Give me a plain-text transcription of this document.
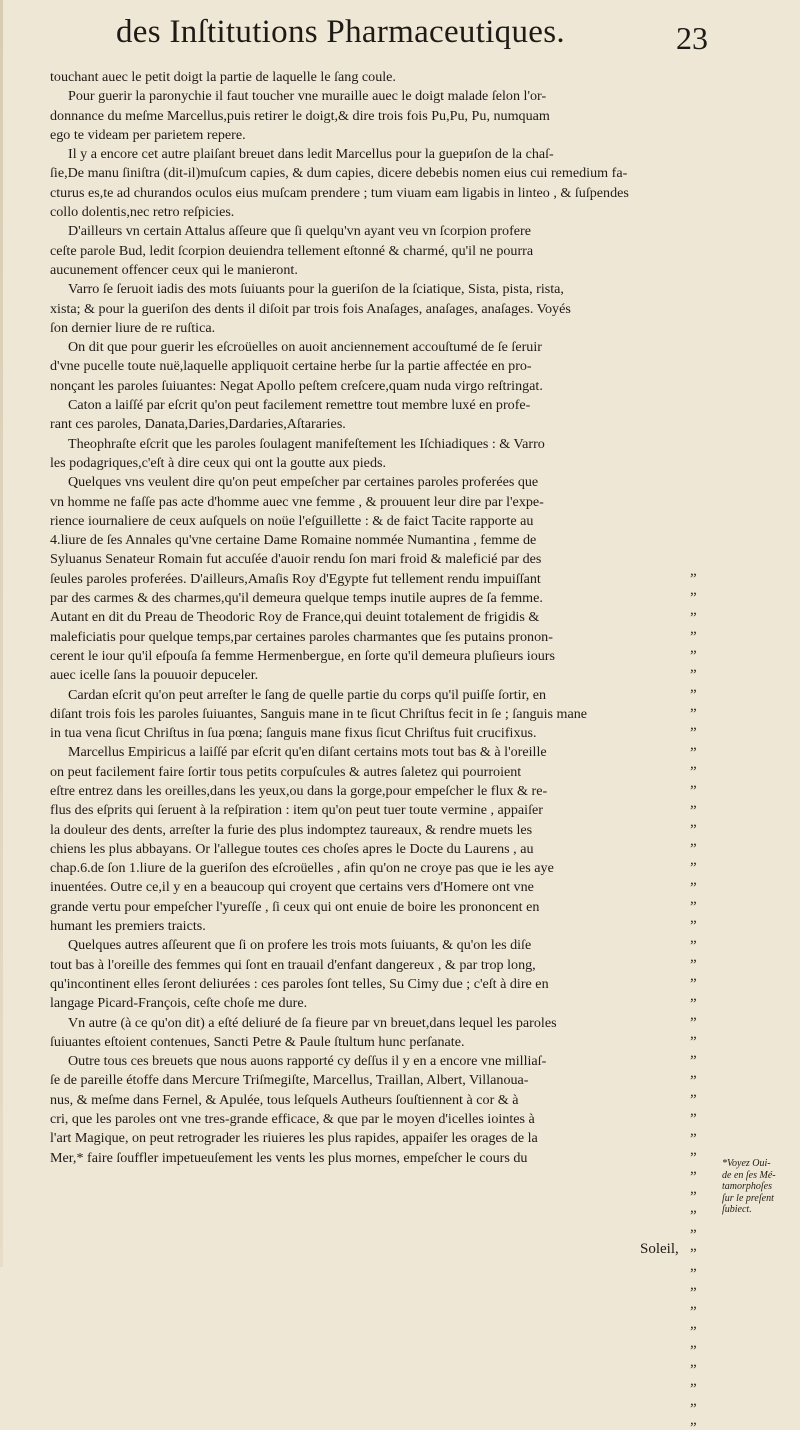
des Inſtitutions Pharmaceutiques.	23
touchant auec le petit doigt la partie de laquelle le ſang coule.
Pour guerir la paronychie il faut toucher vne muraille auec le doigt malade ſelon l'or-
donnance du meſme Marcellus,puis retirer le doigt,& dire trois fois Pu,Pu, Pu, numquam
ego te videam per parietem repere.
Il y a encore cet autre plaiſant breuet dans ledit Marcellus pour la guериſon de la chaſ-
ſie,De manu ſiniſtra (dit-il)muſcum capies, & dum capies, dicere debebis nomen eius cui remedium fa-
cturus es,te ad churandos oculos eius muſcam prendere ; tum viuam eam ligabis in linteo , & ſuſpendes
collo dolentis,nec retro reſpicies.
D'ailleurs vn certain Attalus aſſeure que ſi quelqu'vn ayant veu vn ſcorpion profere
ceſte parole Bud, ledit ſcorpion deuiendra tellement eſtonné & charmé, qu'il ne pourra
aucunement offencer ceux qui le manieront.
Varro ſe ſeruoit iadis des mots ſuiuants pour la gueriſon de la ſciatique, Sista, pista, rista,
xista; & pour la gueriſon des dents il diſoit par trois fois Anaſages, anaſages, anaſages. Voyés
ſon dernier liure de re ruſtica.
On dit que pour guerir les eſcroüelles on auoit anciennement accouſtumé de ſe ſeruir
d'vne pucelle toute nuë,laquelle appliquoit certaine herbe ſur la partie affectée en pro-
nonçant les paroles ſuiuantes: Negat Apollo peſtem creſcere,quam nuda virgo reſtringat.
Caton a laiſſé par eſcrit qu'on peut facilement remettre tout membre luxé en profe-
rant ces paroles, Danata,Daries,Dardaries,Aſtararies.
Theophraſte eſcrit que les paroles ſoulagent manifeſtement les Iſchiadiques : & Varro
les podagriques,c'eſt à dire ceux qui ont la goutte aux pieds.
Quelques vns veulent dire qu'on peut empeſcher par certaines paroles proferées que
vn homme ne faſſe pas acte d'homme auec vne femme , & prouuent leur dire par l'expe-
rience iournaliere de ceux auſquels on noüe l'eſguillette : & de faict Tacite rapporte au
4.liure de ſes Annales qu'vne certaine Dame Romaine nommée Numantina , femme de
Syluanus Senateur Romain fut accuſée d'auoir rendu ſon mari froid & maleficié par des
ſeules paroles proferées. D'ailleurs,Amaſis Roy d'Egypte fut tellement rendu impuiſſant
par des carmes & des charmes,qu'il demeura quelque temps inutile aupres de ſa femme.
Autant en dit du Preau de Theodoric Roy de France,qui deuint totalement de frigidis &
maleficiatis pour quelque temps,par certaines paroles charmantes que ſes putains pronon-
cerent le iour qu'il eſpouſa ſa femme Hermenbergue, en ſorte qu'il demeura pluſieurs iours
auec icelle ſans la pouuoir depuceler.
Cardan eſcrit qu'on peut arreſter le ſang de quelle partie du corps qu'il puiſſe ſortir, en
diſant trois fois les paroles ſuiuantes, Sanguis mane in te ſicut Chriſtus fecit in ſe ; ſanguis mane
in tua vena ſicut Chriſtus in ſua pœna; ſanguis mane fixus ſicut Chriſtus fuit crucifixus.
Marcellus Empiricus a laiſſé par eſcrit qu'en diſant certains mots tout bas & à l'oreille
on peut facilement faire ſortir tous petits corpuſcules & autres ſaletez qui pourroient
eſtre entrez dans les oreilles,dans les yeux,ou dans la gorge,pour empeſcher le flux & re-
flus des eſprits qui ſeruent à la reſpiration : item qu'on peut tuer toute vermine , appaiſer
la douleur des dents, arreſter la furie des plus indomptez taureaux, & rendre muets les
chiens les plus abbayans. Or l'allegue toutes ces choſes apres le Docte du Laurens , au
chap.6.de ſon 1.liure de la gueriſon des eſcroüelles , afin qu'on ne croye pas que ie les aye
inuentées. Outre ce,il y en a beaucoup qui croyent que certains vers d'Homere ont vne
grande vertu pour empeſcher l'yureſſe , ſi ceux qui ont enuie de boire les prononcent en
humant les premiers traicts.
Quelques autres aſſeurent que ſi on profere les trois mots ſuiuants, & qu'on les diſe
tout bas à l'oreille des femmes qui ſont en trauail d'enfant dangereux , & par trop long,
qu'incontinent elles ſeront deliurées : ces paroles ſont telles, Su Cimy due ; c'eſt à dire en
langage Picard-François, ceſte choſe me dure.
Vn autre (à ce qu'on dit) a eſté deliuré de ſa fieure par vn breuet,dans lequel les paroles
ſuiuantes eſtoient contenues, Sancti Petre & Paule ſtultum hunc perſanate.
Outre tous ces breuets que nous auons rapporté cy deſſus il y en a encore vne milliaſ-
ſe de pareille étoffe dans Mercure Triſmegiſte, Marcellus, Traillan, Albert, Villanoua-
nus, & meſme dans Fernel, & Apulée, tous leſquels Autheurs ſouſtiennent à cor & à
cri, que les paroles ont vne tres-grande efficace, & que par le moyen d'icelles iointes à
l'art Magique, on peut retrograder les riuieres les plus rapides, appaiſer les orages de la
Mer,* faire ſouffler impetueuſement les vents les plus mornes, empeſcher le cours du
„
„
„
„
„
„
„
„
„
„
„
„
„
„
„
„
„
„
„
„
„
„
„
„
„
„
„
„
„
„
„
„
„
„
„
„
„
„
„
„
„
„
„
„
„
*Voyez Oui-
de en ſes Mé-
tamorphoſes
ſur le preſent
ſubiect.
Soleil,
